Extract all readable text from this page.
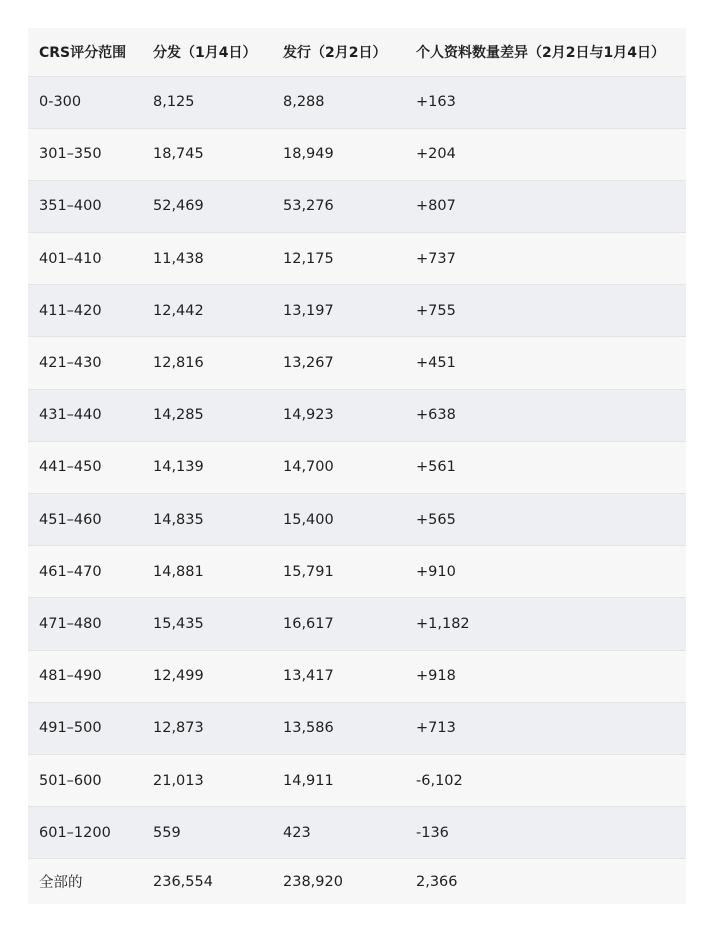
CRS评分范围	分发（1月4日）	发行（2月2日）	个人资料数量差异（2月2日与1月4日）
0-300	8,125	8,288	+163
301–350	18,745	18,949	+204
351–400	52,469	53,276	+807
401–410	11,438	12,175	+737
411–420	12,442	13,197	+755
421–430	12,816	13,267	+451
431–440	14,285	14,923	+638
441–450	14,139	14,700	+561
451–460	14,835	15,400	+565
461–470	14,881	15,791	+910
471–480	15,435	16,617	+1,182
481–490	12,499	13,417	+918
491–500	12,873	13,586	+713
501–600	21,013	14,911	-6,102
601–1200	559	423	-136
全部的	236,554	238,920	2,366
